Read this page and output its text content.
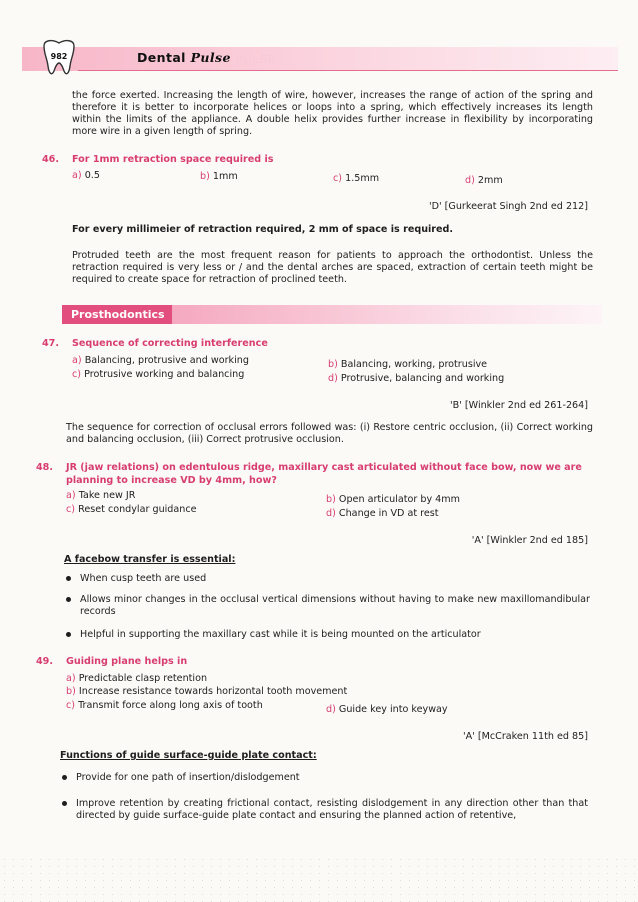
982	Dental Pulse PULSE
the force exerted. Increasing the length of wire, however, increases the range of action of the spring and therefore it is better to incorporate helices or loops into a spring, which effectively increases its length within the limits of the appliance. A double helix provides further increase in flexibility by incorporating more wire in a given length of spring.
46. For 1mm retraction space required is
a) 0.5	b) 1mm	c) 1.5mm	d) 2mm
'D' [Gurkeerat Singh 2nd ed 212]
For every millimeier of retraction required, 2 mm of space is required.
Protruded teeth are the most frequent reason for patients to approach the orthodontist. Unless the retraction required is very less or / and the dental arches are spaced, extraction of certain teeth might be required to create space for retraction of proclined teeth.
Prosthodontics
47. Sequence of correcting interference
a) Balancing, protrusive and working	b) Balancing, working, protrusive
c) Protrusive working and balancing	d) Protrusive, balancing and working
'B' [Winkler 2nd ed 261-264]
The sequence for correction of occlusal errors followed was: (i) Restore centric occlusion, (ii) Correct working and balancing occlusion, (iii) Correct protrusive occlusion.
48. JR (jaw relations) on edentulous ridge, maxillary cast articulated without face bow, now we are
planning to increase VD by 4mm, how?
a) Take new JR	b) Open articulator by 4mm
c) Reset condylar guidance	d) Change in VD at rest
'A' [Winkler 2nd ed 185]
A facebow transfer is essential:
When cusp teeth are used
Allows minor changes in the occlusal vertical dimensions without having to make new maxillomandibular records
Helpful in supporting the maxillary cast while it is being mounted on the articulator
49. Guiding plane helps in
a) Predictable clasp retention
b) Increase resistance towards horizontal tooth movement
c) Transmit force along long axis of tooth	d) Guide key into keyway
'A' [McCraken 11th ed 85]
Functions of guide surface-guide plate contact:
Provide for one path of insertion/dislodgement
Improve retention by creating frictional contact, resisting dislodgement in any direction other than that directed by guide surface-guide plate contact and ensuring the planned action of retentive,
